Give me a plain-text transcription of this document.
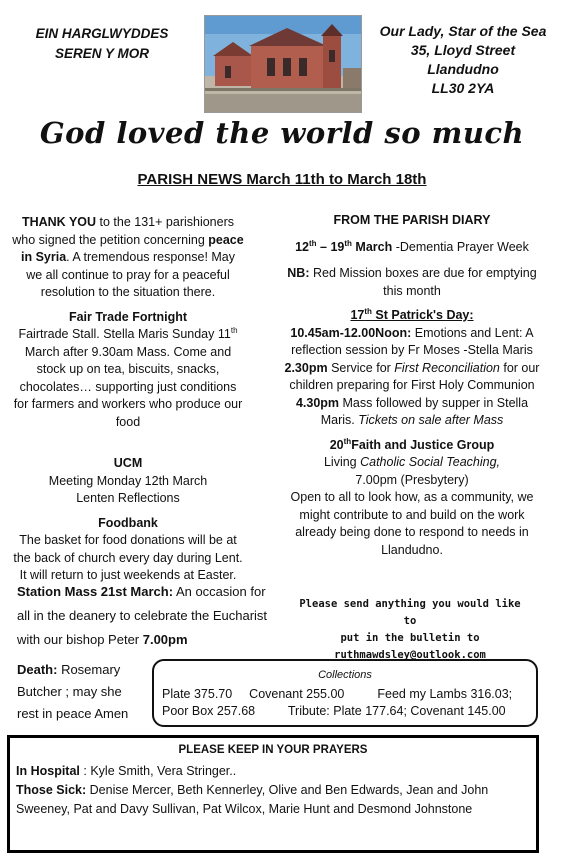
EIN HARGLWYDDES
SEREN Y MOR
Our Lady, Star of the Sea
35, Lloyd Street
Llandudno
LL30 2YA
God loved the world so much
PARISH NEWS March 11th to March 18th

THANK YOU to the 131+ parishioners who signed the petition concerning peace in Syria. A tremendous response! May we all continue to pray for a peaceful resolution to the situation there.

Fair Trade Fortnight

Fairtrade Stall. Stella Maris Sunday 11th March after 9.30am Mass. Come and stock up on tea, biscuits, snacks, chocolates… supporting just conditions for farmers and workers who produce our food

UCM

Meeting Monday 12th March

Lenten Reflections

Foodbank

The basket for food donations will be at the back of church every day during Lent. It will return to just weekends at Easter.

FROM THE PARISH DIARY

12th – 19th March -Dementia Prayer Week

NB: Red Mission boxes are due for emptying this month

17th St Patrick's Day:

10.45am-12.00Noon: Emotions and Lent: A reflection session by Fr Moses -Stella Maris

2.30pm Service for First Reconciliation for our children preparing for First Holy Communion

4.30pm Mass followed by supper in Stella Maris. Tickets on sale after Mass

20thFaith and Justice Group

Living Catholic Social Teaching,

7.00pm (Presbytery)

Open to all to look how, as a community, we might contribute to and build on the work already being done to respond to needs in Llandudno.

Station Mass 21st March: An occasion for all in the deanery to celebrate the Eucharist with our bishop Peter 7.00pm
Please send anything you would like to
put in the bulletin to
ruthmawdsley@outlook.com
Death: Rosemary Butcher ; may she rest in peace Amen
Collections
Plate 375.70 Covenant 255.00	Feed my Lambs 316.03;
Poor Box 257.68	Tribute: Plate 177.64; Covenant 145.00
PLEASE KEEP IN YOUR PRAYERS
In Hospital : Kyle Smith, Vera Stringer..
Those Sick: Denise Mercer, Beth Kennerley, Olive and Ben Edwards, Jean and John Sweeney, Pat and Davy Sullivan, Pat Wilcox, Marie Hunt and Desmond Johnstone
